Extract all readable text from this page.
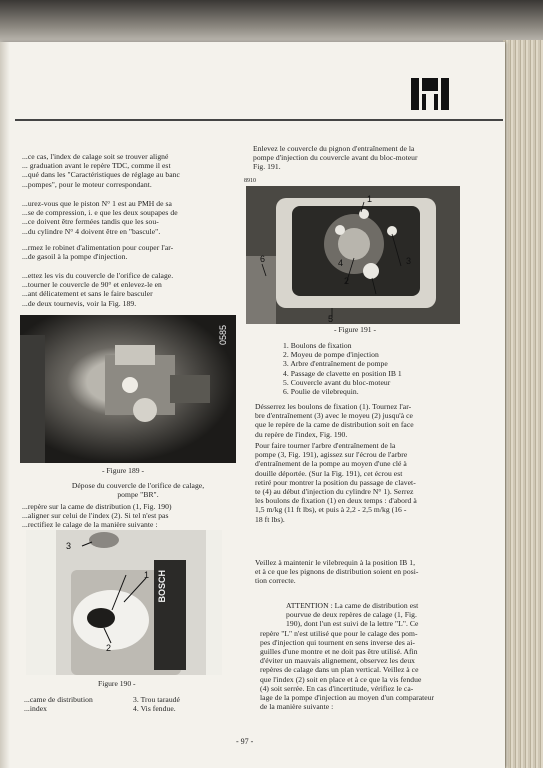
...ce cas, l'index de calage soit se trouver aligné

... graduation avant le repère TDC, comme il est

...qué dans les "Caractéristiques de réglage au banc

...pompes", pour le moteur correspondant.

...urez-vous que le piston N° 1 est au PMH de sa

...se de compression, i. e que les deux soupapes de

...ce doivent être fermées tandis que les sou-

...du cylindre N° 4 doivent être en "bascule".

...rmez le robinet d'alimentation pour couper l'ar-

...de gasoil à la pompe d'injection.

...ettez les vis du couvercle de l'orifice de calage.

...tourner le couvercle de 90° et enlevez-le en

...ant délicatement et sans le faire basculer

...de deux tournevis, voir la Fig. 189.

0585
- Figure 189 -

Dépose du couvercle de l'orifice de calage,

pompe "BR".

...repère sur la came de distribution (1, Fig. 190)

...aligner sur celui de l'index (2). Si tel n'est pas

...rectifiez le calage de la manière suivante :

BOSCH
3
1
2
Figure 190 -

...came de distribution

...index

3. Trou taraudé

4. Vis fendue.

Enlevez le couvercle du pignon d'entraînement de la

pompe d'injection du couvercle avant du bloc-moteur

Fig. 191.

8910
1
2
3
4
5
6
- Figure 191 -
1. Boulons de fixation
2. Moyeu de pompe d'injection
3. Arbre d'entraînement de pompe
4. Passage de clavette en position IB 1
5. Couvercle avant du bloc-moteur
6. Poulie de vilebrequin.

Désserrez les boulons de fixation (1). Tournez l'ar-

bre d'entraînement (3) avec le moyeu (2) jusqu'à ce

que le repère de la came de distribution soit en face

du repère de l'index, Fig. 190.

Pour faire tourner l'arbre d'entraînement de la

pompe (3, Fig. 191), agissez sur l'écrou de l'arbre

d'entraînement de la pompe au moyen d'une clé à

douille déportée. (Sur la Fig. 191), cet écrou est

retiré pour montrer la position du passage de clavet-

te (4) au début d'injection du cylindre N° 1). Serrez

les boulons de fixation (1) en deux temps : d'abord à

1,5 m/kg (11 ft lbs), et puis à 2,2 - 2,5 m/kg (16 -

18 ft lbs).

Veillez à maintenir le vilebrequin à la position IB 1,

et à ce que les pignons de distribution soient en posi-

tion correcte.

ATTENTION : La came de distribution est

pourvue de deux repères de calage (1, Fig.

190), dont l'un est suivi de la lettre "L". Ce

repère "L" n'est utilisé que pour le calage des pom-

pes d'injection qui tournent en sens inverse des ai-

guilles d'une montre et ne doit pas être utilisé. Afin

d'éviter un mauvais alignement, observez les deux

repères de calage dans un plan vertical. Veillez à ce

que l'index (2) soit en place et à ce que la vis fendue

(4) soit serrée. En cas d'incertitude, vérifiez le ca-

lage de la pompe d'injection au moyen d'un comparateur

de la manière suivante :

- 97 -
